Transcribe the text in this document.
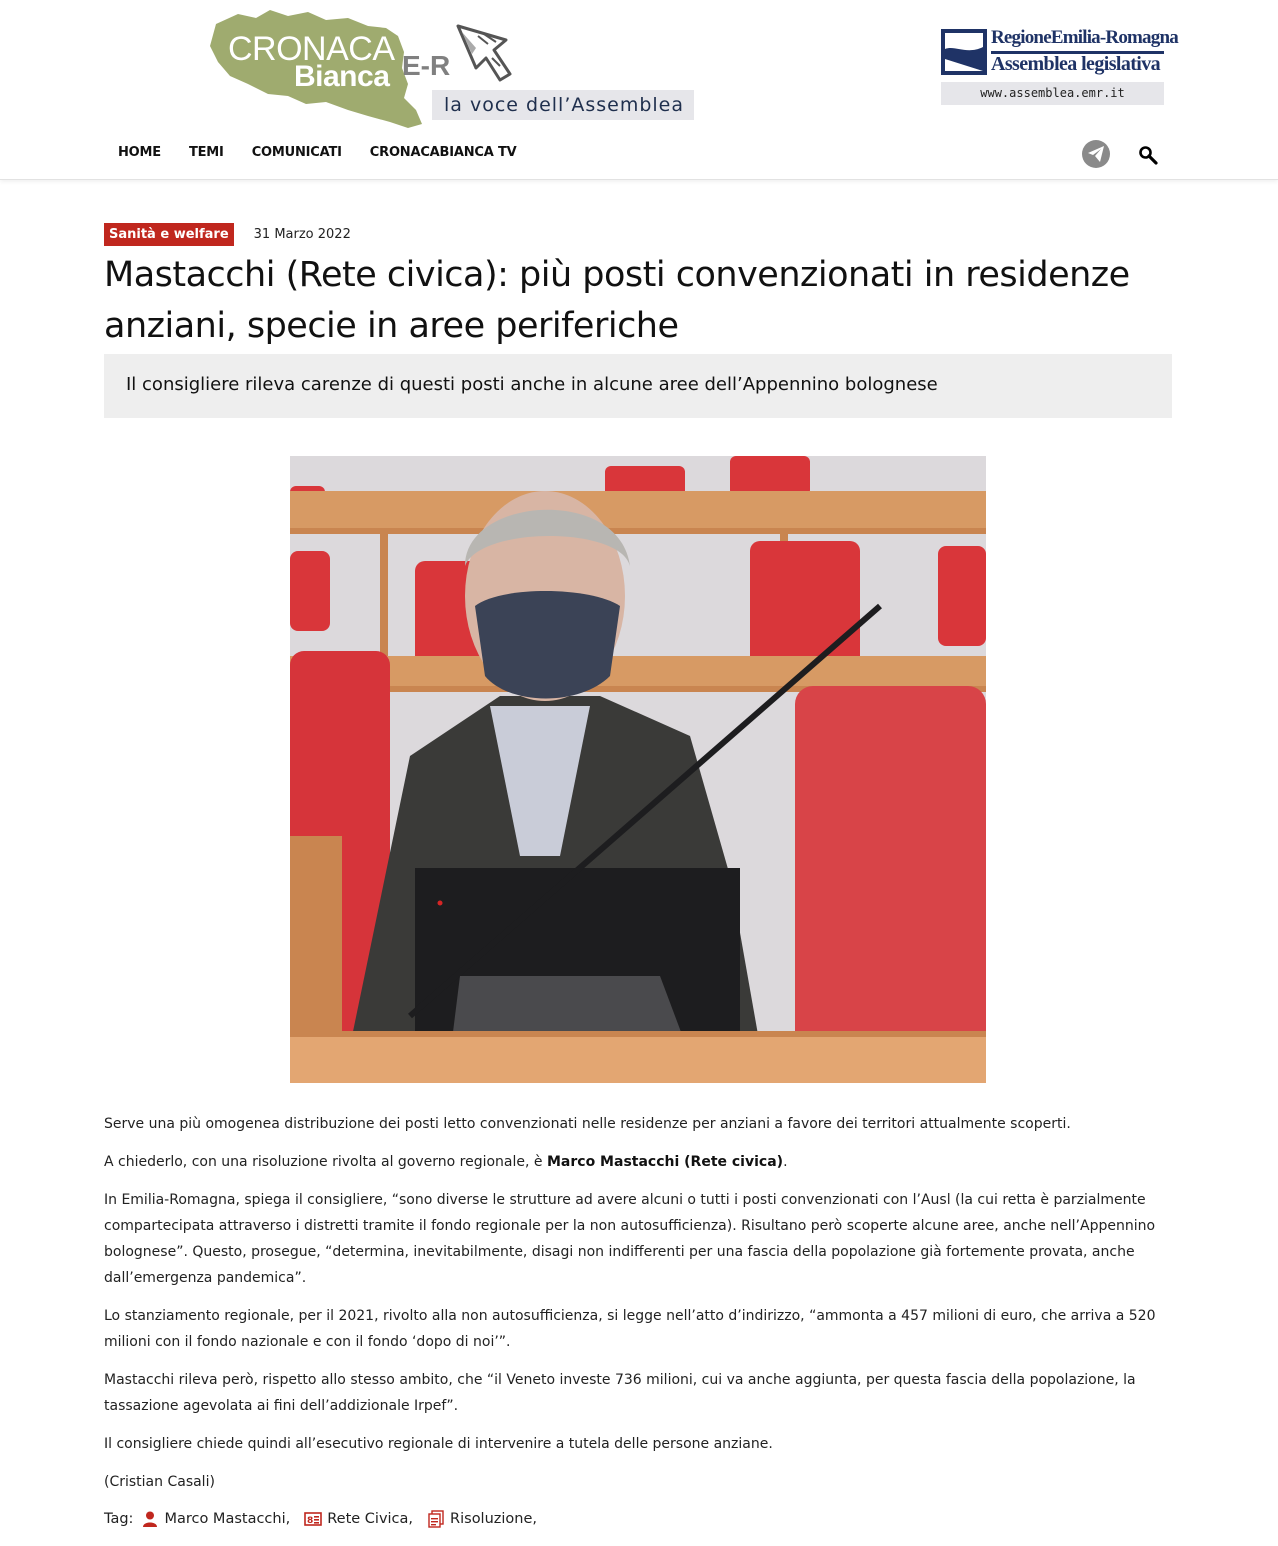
CRONACA
Bianca E-R
la voce dell’Assemblea
RegioneEmilia-Romagna
Assemblea legislativa
www.assemblea.emr.it
HOME TEMI COMUNICATI CRONACABIANCA TV
Sanità e welfare	31 Marzo 2022
Mastacchi (Rete civica): più posti convenzionati in residenze anziani, specie in aree periferiche

Il consigliere rileva carenze di questi posti anche in alcune aree dell’Appennino bolognese

Serve una più omogenea distribuzione dei posti letto convenzionati nelle residenze per anziani a favore dei territori attualmente scoperti.

A chiederlo, con una risoluzione rivolta al governo regionale, è Marco Mastacchi (Rete civica).

In Emilia-Romagna, spiega il consigliere, “sono diverse le strutture ad avere alcuni o tutti i posti convenzionati con l’Ausl (la cui retta è parzialmente compartecipata attraverso i distretti tramite il fondo regionale per la non autosufficienza). Risultano però scoperte alcune aree, anche nell’Appennino bolognese”. Questo, prosegue, “determina, inevitabilmente, disagi non indifferenti per una fascia della popolazione già fortemente provata, anche dall’emergenza pandemica”.

Lo stanziamento regionale, per il 2021, rivolto alla non autosufficienza, si legge nell’atto d’indirizzo, “ammonta a 457 milioni di euro, che arriva a 520 milioni con il fondo nazionale e con il fondo ‘dopo di noi’”.

Mastacchi rileva però, rispetto allo stesso ambito, che “il Veneto investe 736 milioni, cui va anche aggiunta, per questa fascia della popolazione, la tassazione agevolata ai fini dell’addizionale Irpef”.

Il consigliere chiede quindi all’esecutivo regionale di intervenire a tutela delle persone anziane.

(Cristian Casali)

Tag: Marco Mastacchi, 8 Rete Civica,	Risoluzione,
